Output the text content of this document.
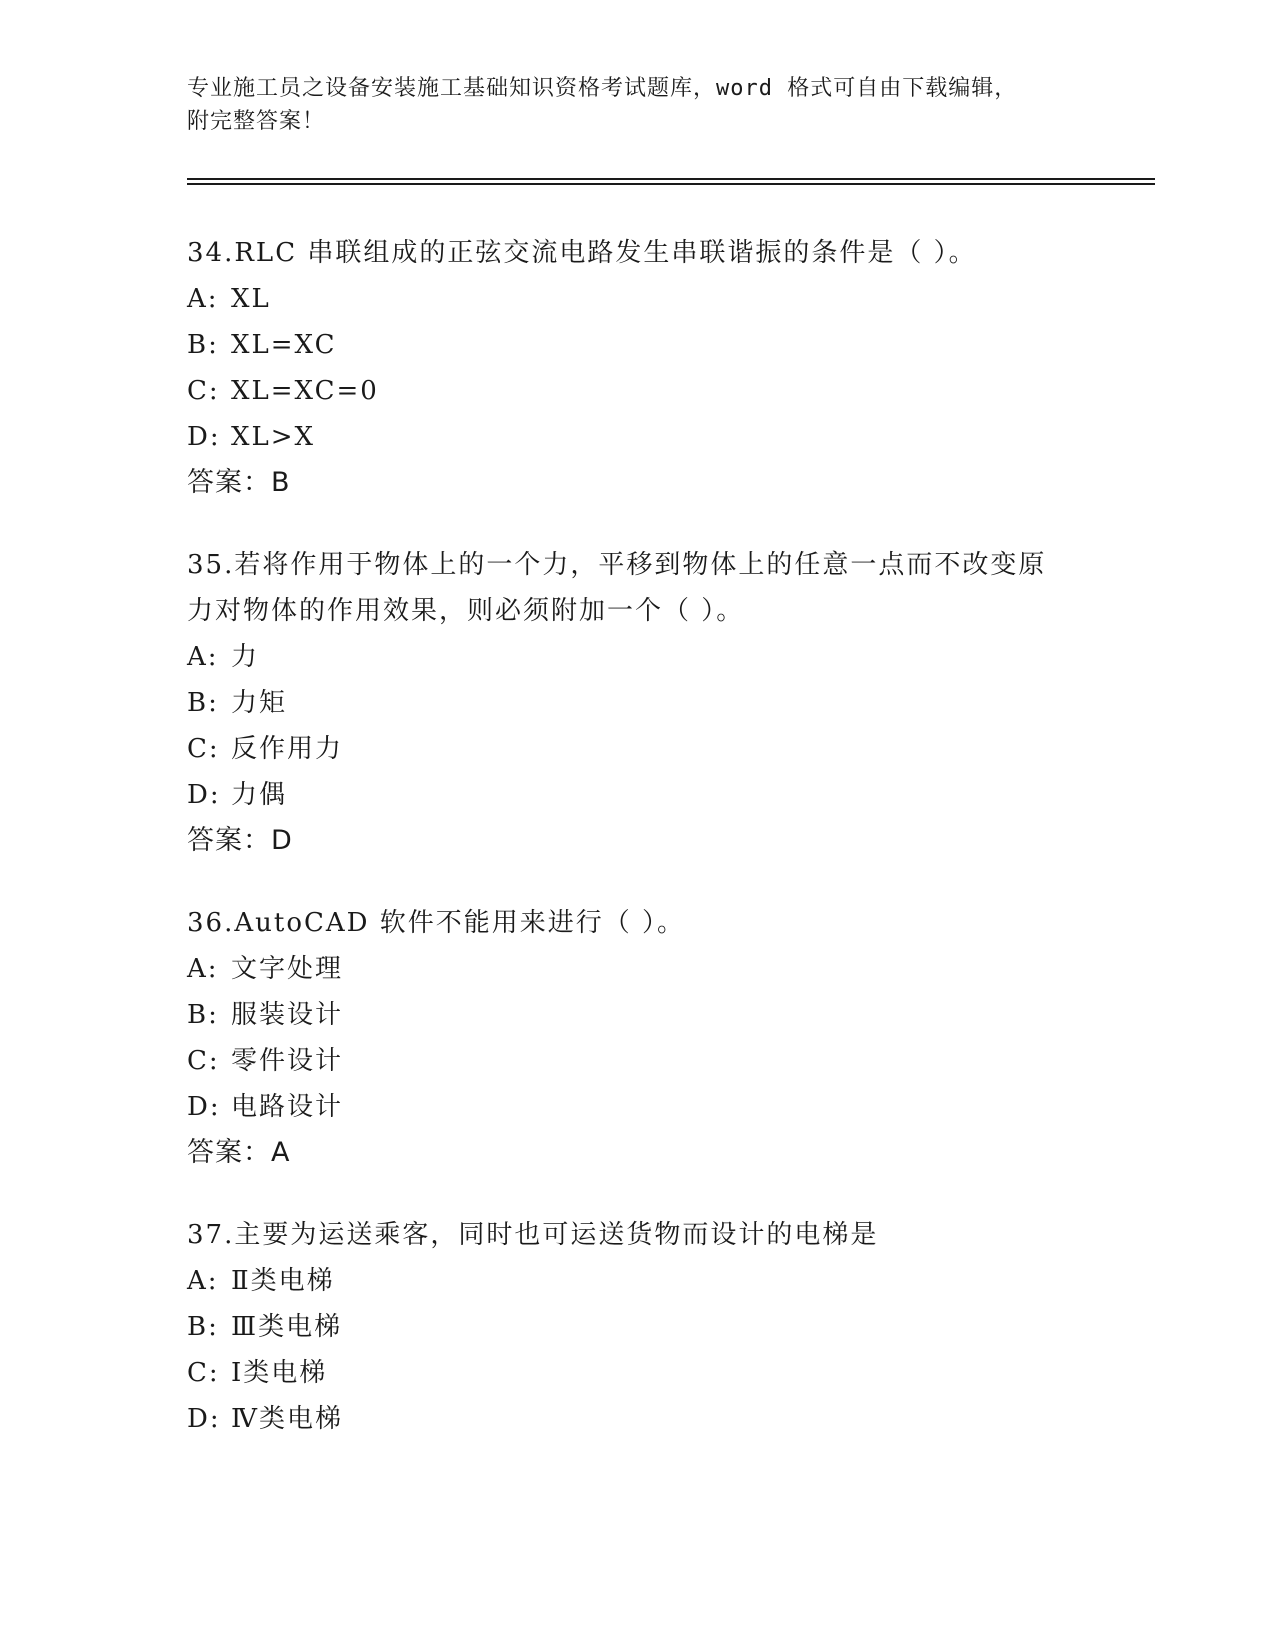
专业施工员之设备安装施工基础知识资格考试题库，word 格式可自由下载编辑，
附完整答案！
34.RLC 串联组成的正弦交流电路发生串联谐振的条件是（ ）。
A: XL
B: XL=XC
C: XL=XC=0
D: XL>X
答案：B
35.若将作用于物体上的一个力，平移到物体上的任意一点而不改变原
力对物体的作用效果，则必须附加一个（ ）。
A: 力
B: 力矩
C: 反作用力
D: 力偶
答案：D
36.AutoCAD 软件不能用来进行（ ）。
A: 文字处理
B: 服装设计
C: 零件设计
D: 电路设计
答案：A
37.主要为运送乘客，同时也可运送货物而设计的电梯是
A: Ⅱ类电梯
B: Ⅲ类电梯
C: Ⅰ类电梯
D: Ⅳ类电梯
